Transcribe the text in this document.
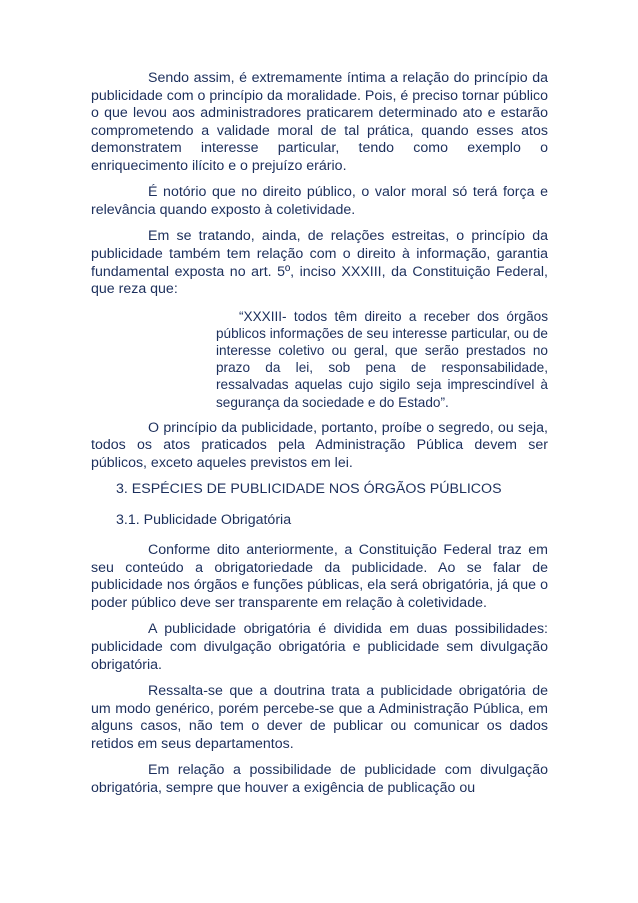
Sendo assim, é extremamente íntima a relação do princípio da publicidade com o princípio da moralidade. Pois, é preciso tornar público o que levou aos administradores praticarem determinado ato e estarão comprometendo a validade moral de tal prática, quando esses atos demonstratem interesse particular, tendo como exemplo o enriquecimento ilícito e o prejuízo erário.

É notório que no direito público, o valor moral só terá força e relevância quando exposto à coletividade.

Em se tratando, ainda, de relações estreitas, o princípio da publicidade também tem relação com o direito à informação, garantia fundamental exposta no art. 5º, inciso XXXIII, da Constituição Federal, que reza que:

“XXXIII- todos têm direito a receber dos órgãos públicos informações de seu interesse particular, ou de interesse coletivo ou geral, que serão prestados no prazo da lei, sob pena de responsabilidade, ressalvadas aquelas cujo sigilo seja imprescindível à segurança da sociedade e do Estado”.

O princípio da publicidade, portanto, proíbe o segredo, ou seja, todos os atos praticados pela Administração Pública devem ser públicos, exceto aqueles previstos em lei.

3. ESPÉCIES DE PUBLICIDADE NOS ÓRGÃOS PÚBLICOS
3.1. Publicidade Obrigatória

Conforme dito anteriormente, a Constituição Federal traz em seu conteúdo a obrigatoriedade da publicidade. Ao se falar de publicidade nos órgãos e funções públicas, ela será obrigatória, já que o poder público deve ser transparente em relação à coletividade.

A publicidade obrigatória é dividida em duas possibilidades: publicidade com divulgação obrigatória e publicidade sem divulgação obrigatória.

Ressalta-se que a doutrina trata a publicidade obrigatória de um modo genérico, porém percebe-se que a Administração Pública, em alguns casos, não tem o dever de publicar ou comunicar os dados retidos em seus departamentos.

Em relação a possibilidade de publicidade com divulgação obrigatória, sempre que houver a exigência de publicação ou
